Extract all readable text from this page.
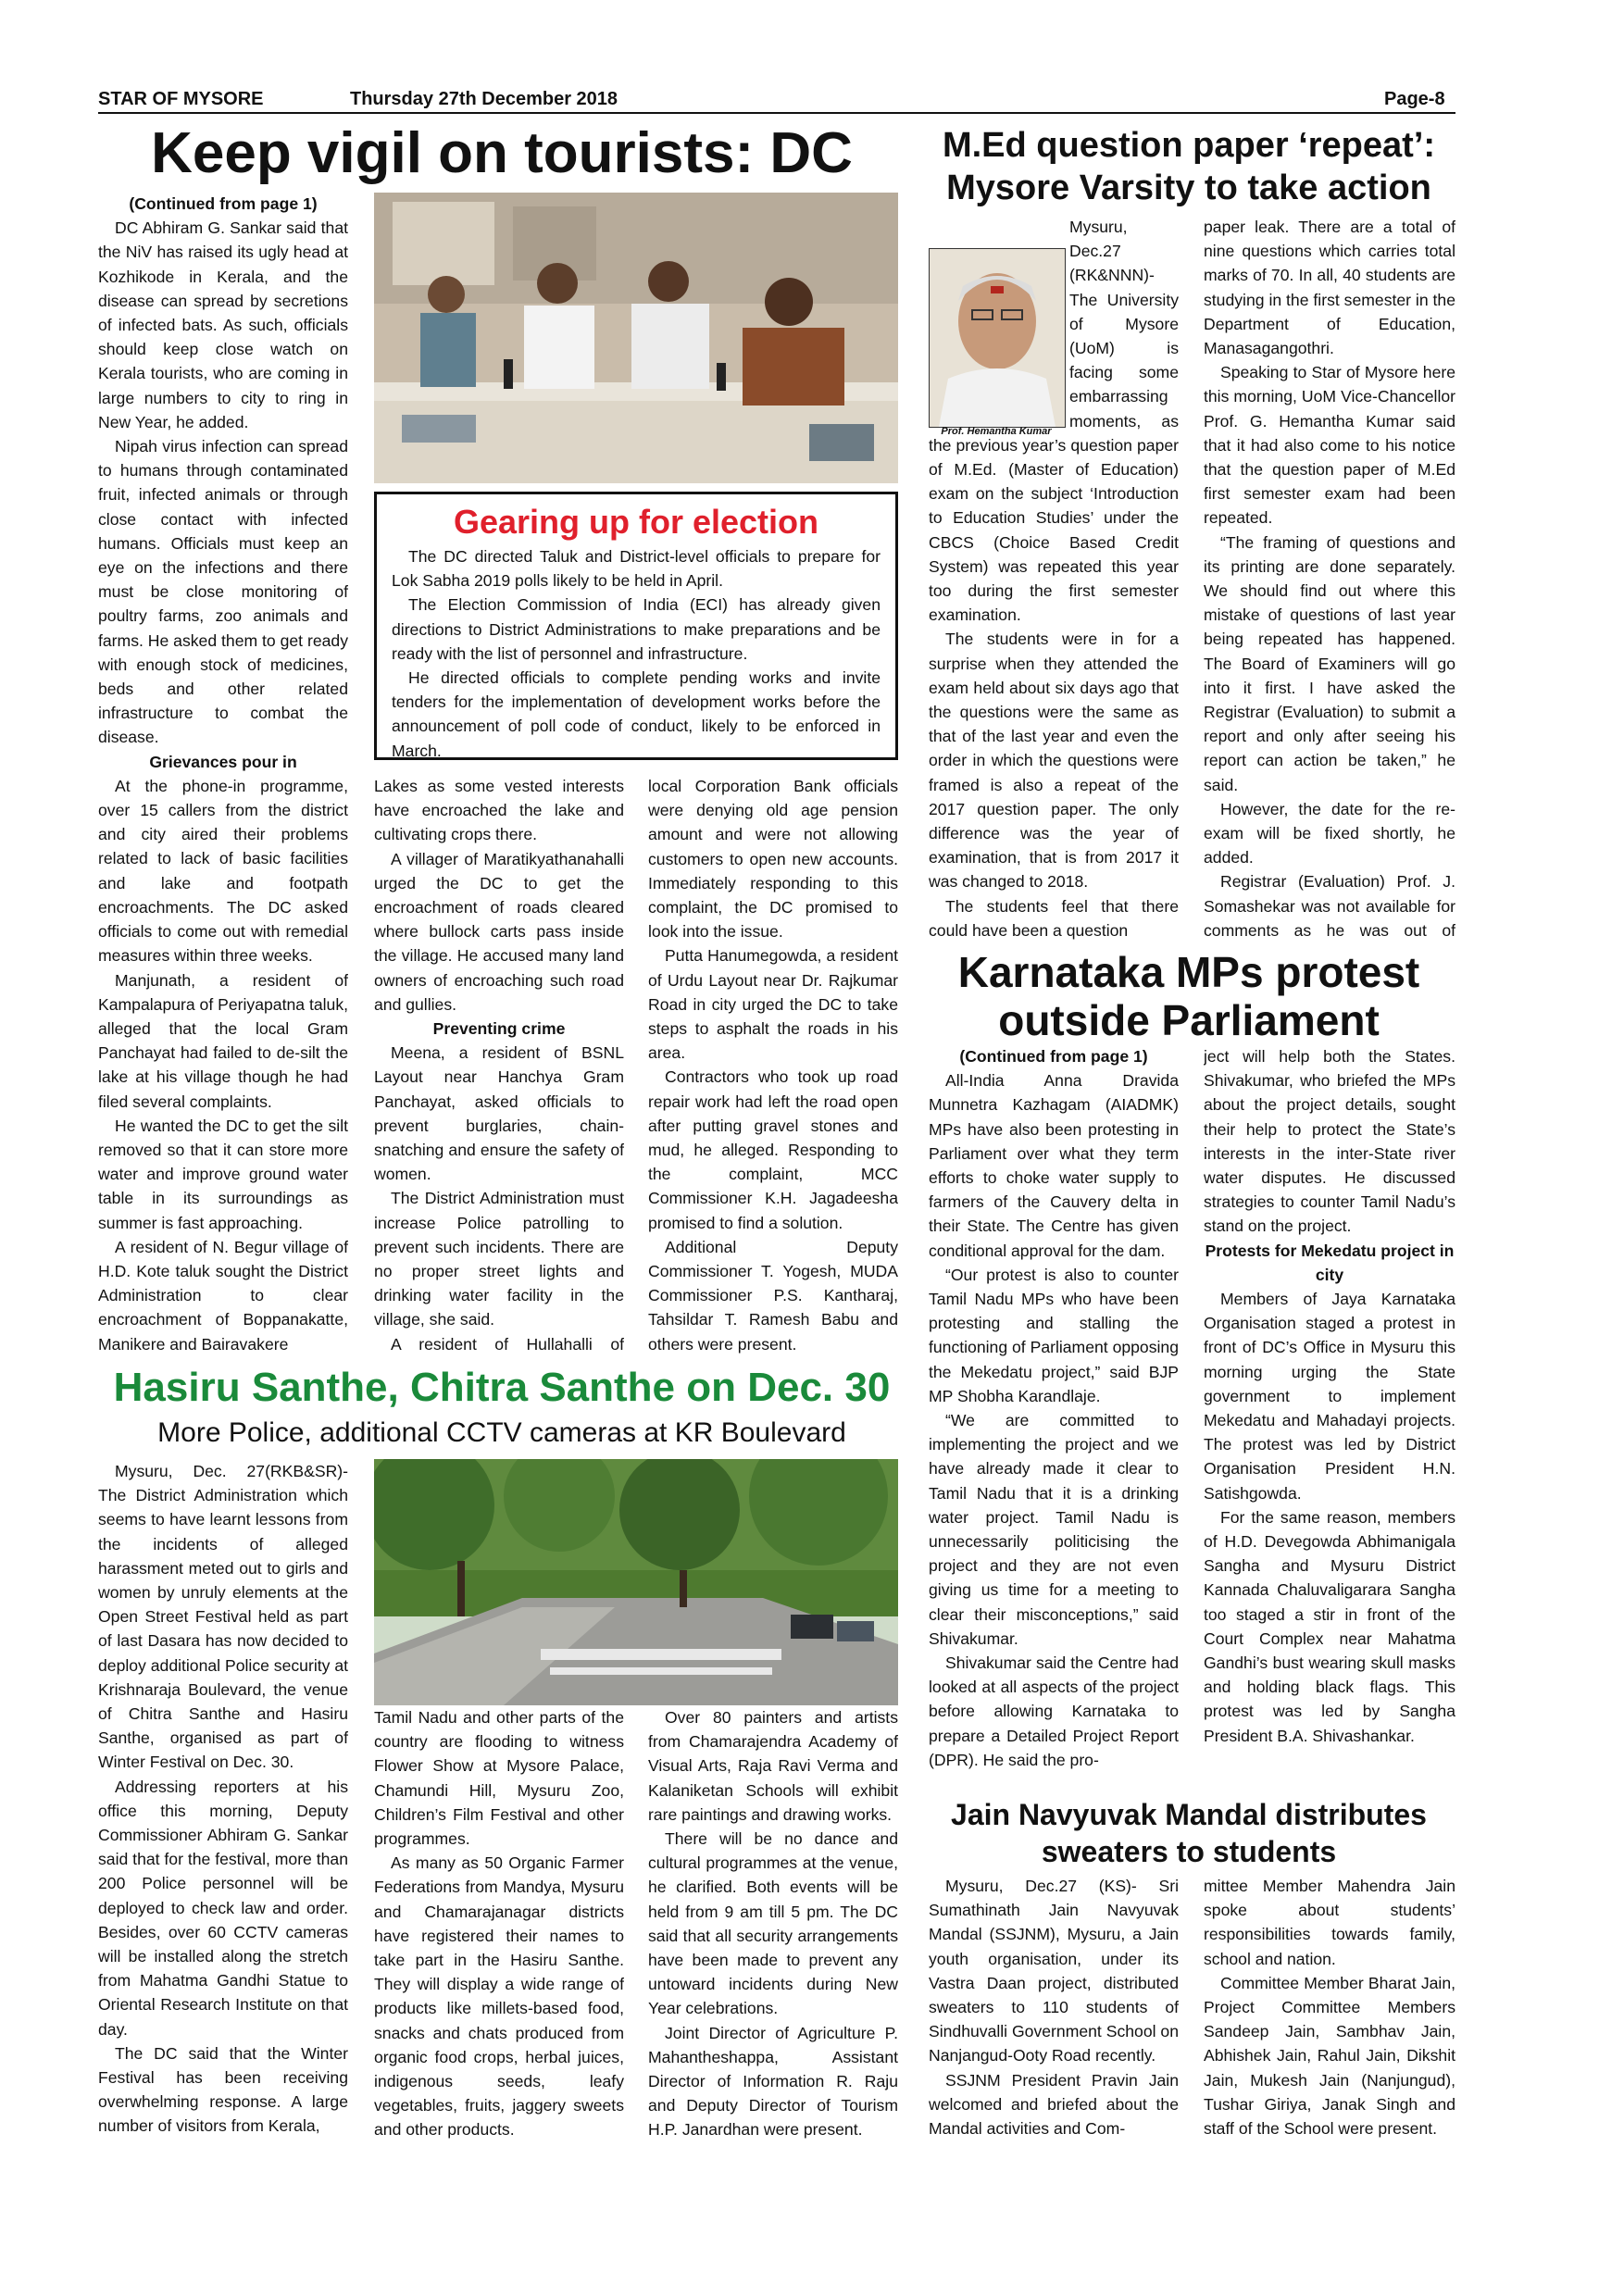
STAR OF MYSORE	Thursday 27th December 2018	Page-8
Keep vigil on tourists: DC
(Continued from page 1)

DC Abhiram G. Sankar said that the NiV has raised its ugly head at Kozhikode in Kerala, and the disease can spread by secretions of infected bats. As such, officials should keep close watch on Kerala tourists, who are coming in large numbers to city to ring in New Year, he added.

Nipah virus infection can spread to humans through contaminated fruit, infected animals or through close contact with infected humans. Officials must keep an eye on the infections and there must be close monitoring of poultry farms, zoo animals and farms. He asked them to get ready with enough stock of medicines, beds and other related infrastructure to combat the disease.

Grievances pour in

At the phone-in programme, over 15 callers from the district and city aired their problems related to lack of basic facilities and lake and footpath encroachments. The DC asked officials to come out with remedial measures within three weeks.

Manjunath, a resident of Kampalapura of Periyapatna taluk, alleged that the local Gram Panchayat had failed to de-silt the lake at his village though he had filed several complaints.

He wanted the DC to get the silt removed so that it can store more water and improve ground water table in its surroundings as summer is fast approaching.

A resident of N. Begur village of H.D. Kote taluk sought the District Administration to clear encroachment of Boppanakatte, Manikere and Bairavakere

Gearing up for election

The DC directed Taluk and District-level officials to prepare for Lok Sabha 2019 polls likely to be held in April.

The Election Commission of India (ECI) has already given directions to District Administrations to make preparations and be ready with the list of personnel and infrastructure.

He directed officials to complete pending works and invite tenders for the implementation of development works before the announcement of poll code of conduct, likely to be enforced in March.

Lakes as some vested interests have encroached the lake and cultivating crops there.

A villager of Maratikyathanahalli urged the DC to get the encroachment of roads cleared where bullock carts pass inside the village. He accused many land owners of encroaching such road and gullies.

Preventing crime

Meena, a resident of BSNL Layout near Hanchya Gram Panchayat, asked officials to prevent burglaries, chain-snatching and ensure the safety of women.

The District Administration must increase Police patrolling to prevent such incidents. There are no proper street lights and drinking water facility in the village, she said.

A resident of Hullahalli of

local Corporation Bank officials were denying old age pension amount and were not allowing customers to open new accounts. Immediately responding to this complaint, the DC promised to look into the issue.

Putta Hanumegowda, a resident of Urdu Layout near Dr. Rajkumar Road in city urged the DC to take steps to asphalt the roads in his area.

Contractors who took up road repair work had left the road open after putting gravel stones and mud, he alleged. Responding to the complaint, MCC Commissioner K.H. Jagadeesha promised to find a solution.

Additional Deputy Commissioner T. Yogesh, MUDA Commissioner P.S. Kantharaj, Tahsildar T. Ramesh Babu and others were present.

M.Ed question paper ‘repeat’:
Mysore Varsity to take action
Prof. Hemantha Kumar

Mysuru, Dec.27 (RK&NNN)- The University of Mysore (UoM) is facing some embarrassing moments, as the previous year’s question paper of M.Ed. (Master of Education) exam on the subject ‘Introduction to Education Studies’ under the CBCS (Choice Based Credit System) was repeated this year too during the first semester examination.

The students were in for a surprise when they attended the exam held about six days ago that the questions were the same as that of the last year and even the order in which the questions were framed is also a repeat of the 2017 question paper. The only difference was the year of examination, that is from 2017 it was changed to 2018.

The students feel that there could have been a question

paper leak. There are a total of nine questions which carries total marks of 70. In all, 40 students are studying in the first semester in the Department of Education, Manasagangothri.

Speaking to Star of Mysore here this morning, UoM Vice-Chancellor Prof. G. Hemantha Kumar said that it had also come to his notice that the question paper of M.Ed first semester exam had been repeated.

“The framing of questions and its printing are done separately. We should find out where this mistake of questions of last year being repeated has happened. The Board of Examiners will go into it first. I have asked the Registrar (Evaluation) to submit a report and only after seeing his report can action be taken,” he said.

However, the date for the re-exam will be fixed shortly, he added.

Registrar (Evaluation) Prof. J. Somashekar was not available for comments as he was out of

Karnataka MPs protest
outside Parliament
(Continued from page 1)

All-India Anna Dravida Munnetra Kazhagam (AIADMK) MPs have also been protesting in Parliament over what they term efforts to choke water supply to farmers of the Cauvery delta in their State. The Centre has given conditional approval for the dam.

“Our protest is also to counter Tamil Nadu MPs who have been protesting and stalling the functioning of Parliament opposing the Mekedatu project,” said BJP MP Shobha Karandlaje.

“We are committed to implementing the project and we have already made it clear to Tamil Nadu that it is a drinking water project. Tamil Nadu is unnecessarily politicising the project and they are not even giving us time for a meeting to clear their misconceptions,” said Shivakumar.

Shivakumar said the Centre had looked at all aspects of the project before allowing Karnataka to prepare a Detailed Project Report (DPR). He said the pro-

ject will help both the States. Shivakumar, who briefed the MPs about the project details, sought their help to protect the State’s interests in the inter-State river water disputes. He discussed strategies to counter Tamil Nadu’s stand on the project.

Protests for Mekedatu project in city

Members of Jaya Karnataka Organisation staged a protest in front of DC’s Office in Mysuru this morning urging the State government to implement Mekedatu and Mahadayi projects. The protest was led by District Organisation President H.N. Satishgowda.

For the same reason, members of H.D. Devegowda Abhimanigala Sangha and Mysuru District Kannada Chaluvaligarara Sangha too staged a stir in front of the Court Complex near Mahatma Gandhi’s bust wearing skull masks and holding black flags. This protest was led by Sangha President B.A. Shivashankar.

Hasiru Santhe, Chitra Santhe on Dec. 30
More Police, additional CCTV cameras at KR Boulevard

Mysuru, Dec. 27(RKB&SR)- The District Administration which seems to have learnt lessons from the incidents of alleged harassment meted out to girls and women by unruly elements at the Open Street Festival held as part of last Dasara has now decided to deploy additional Police security at Krishnaraja Boulevard, the venue of Chitra Santhe and Hasiru Santhe, organised as part of Winter Festival on Dec. 30.

Addressing reporters at his office this morning, Deputy Commissioner Abhiram G. Sankar said that for the festival, more than 200 Police personnel will be deployed to check law and order. Besides, over 60 CCTV cameras will be installed along the stretch from Mahatma Gandhi Statue to Oriental Research Institute on that day.

The DC said that the Winter Festival has been receiving overwhelming response. A large number of visitors from Kerala,

Tamil Nadu and other parts of the country are flooding to witness Flower Show at Mysore Palace, Chamundi Hill, Mysuru Zoo, Children’s Film Festival and other programmes.

As many as 50 Organic Farmer Federations from Mandya, Mysuru and Chamarajanagar districts have registered their names to take part in the Hasiru Santhe. They will display a wide range of products like millets-based food, snacks and chats produced from organic food crops, herbal juices, indigenous seeds, leafy vegetables, fruits, jaggery sweets and other products.

Over 80 painters and artists from Chamarajendra Academy of Visual Arts, Raja Ravi Verma and Kalaniketan Schools will exhibit rare paintings and drawing works.

There will be no dance and cultural programmes at the venue, he clarified. Both events will be held from 9 am till 5 pm. The DC said that all security arrangements have been made to prevent any untoward incidents during New Year celebrations.

Joint Director of Agriculture P. Mahantheshappa, Assistant Director of Information R. Raju and Deputy Director of Tourism H.P. Janardhan were present.

Jain Navyuvak Mandal distributes
sweaters to students

Mysuru, Dec.27 (KS)- Sri Sumathinath Jain Navyuvak Mandal (SSJNM), Mysuru, a Jain youth organisation, under its Vastra Daan project, distributed sweaters to 110 students of Sindhuvalli Government School on Nanjangud-Ooty Road recently.

SSJNM President Pravin Jain welcomed and briefed about the Mandal activities and Com-

mittee Member Mahendra Jain spoke about students’ responsibilities towards family, school and nation.

Committee Member Bharat Jain, Project Committee Members Sandeep Jain, Sambhav Jain, Abhishek Jain, Rahul Jain, Dikshit Jain, Mukesh Jain (Nanjungud), Tushar Giriya, Janak Singh and staff of the School were present.
